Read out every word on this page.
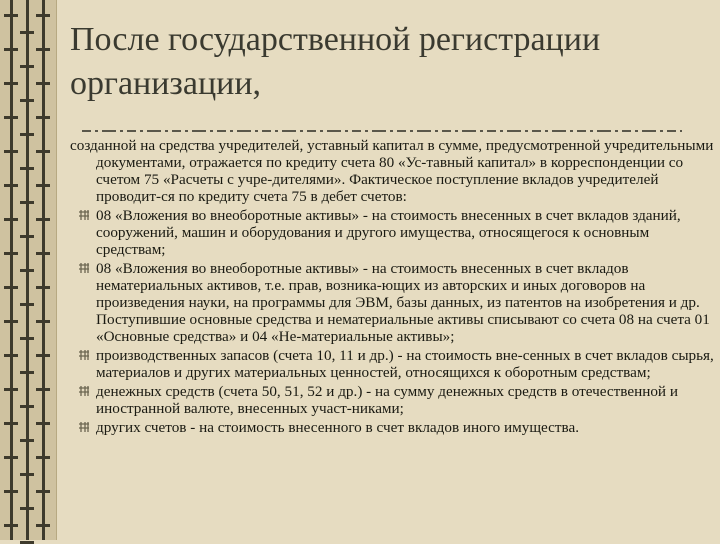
После государственной регистрации организации,

созданной на средства учредителей, уставный капитал в сумме, предусмотренной учредительными документами, отражается по кредиту счета 80 «Ус-тавный капитал» в корреспонденции со счетом 75 «Расчеты с учре-дителями». Фактическое поступление вкладов учредителей проводит-ся по кредиту счета 75 в дебет счетов:

08 «Вложения во внеоборотные активы» - на стоимость внесенных в счет вкладов зданий, сооружений, машин и оборудования и другого имущества, относящегося к основным средствам;
08 «Вложения во внеоборотные активы» - на стоимость внесенных в счет вкладов нематериальных активов, т.е. прав, возника-ющих из авторских и иных договоров на произведения науки, на программы для ЭВМ, базы данных, из патентов на изобретения и др. Поступившие основные средства и нематериальные активы списывают со счета 08 на счета 01 «Основные средства» и 04 «Не-материальные активы»;
производственных запасов (счета 10, 11 и др.) - на стоимость вне-сенных в счет вкладов сырья, материалов и других материальных ценностей, относящихся к оборотным средствам;
денежных средств (счета 50, 51, 52 и др.) - на сумму денежных средств в отечественной и иностранной валюте, внесенных участ-никами;
других счетов - на стоимость внесенного в счет вкладов иного имущества.
